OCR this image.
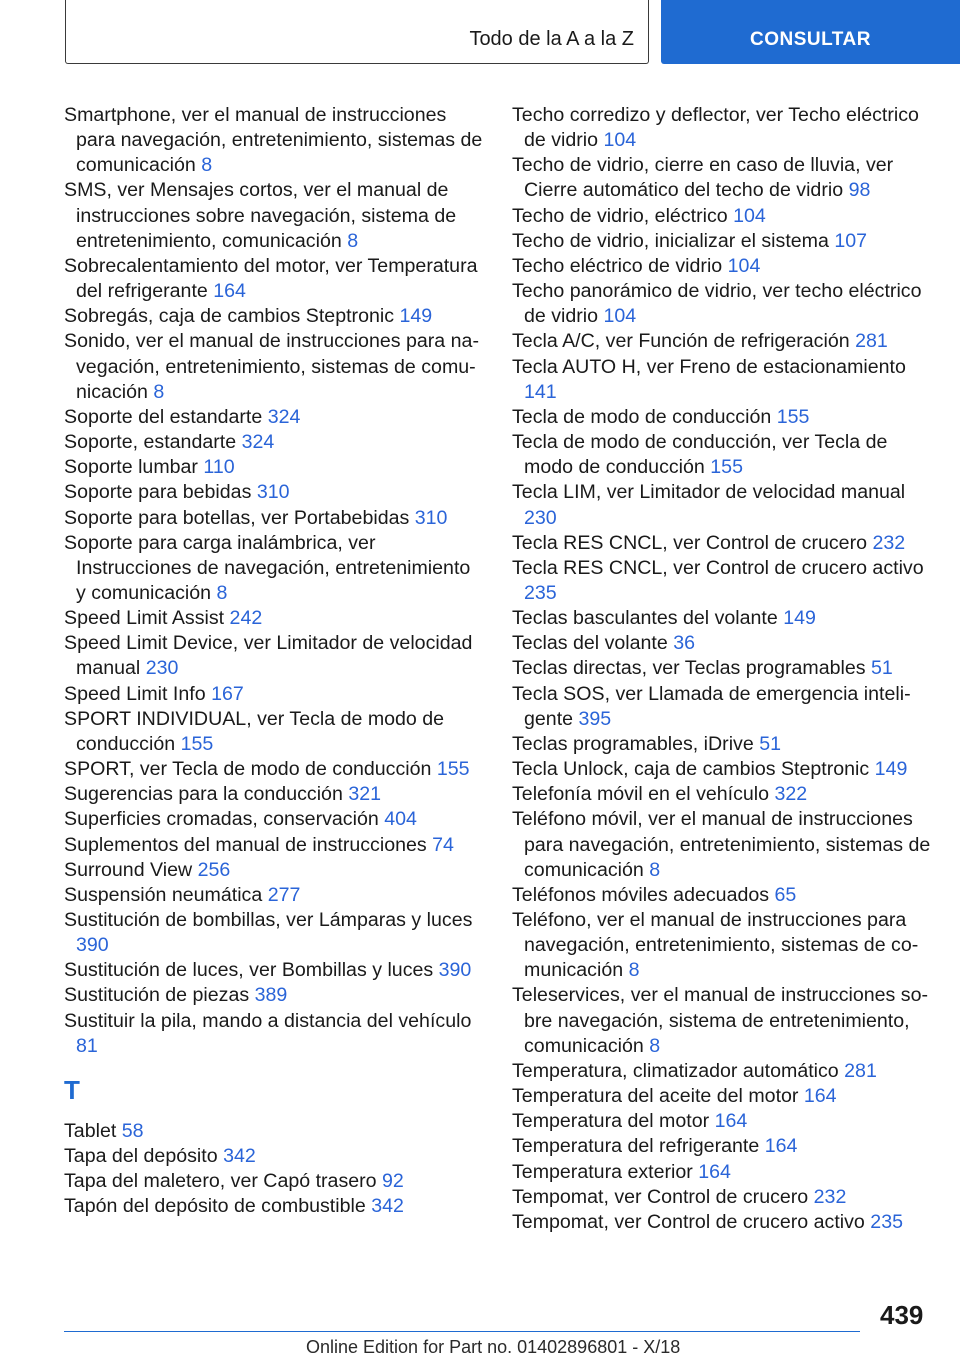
Todo de la A a la Z	CONSULTAR
Smartphone, ver el manual de instrucciones para navegación, entretenimiento, sistemas de comunicación 8
SMS, ver Mensajes cortos, ver el manual de instrucciones sobre navegación, sistema de entretenimiento, comunicación 8
Sobrecalentamiento del motor, ver Temperatura del refrigerante 164
Sobregás, caja de cambios Steptronic 149
Sonido, ver el manual de instrucciones para navegación, entretenimiento, sistemas de comunicación 8
Soporte del estandarte 324
Soporte, estandarte 324
Soporte lumbar 110
Soporte para bebidas 310
Soporte para botellas, ver Portabebidas 310
Soporte para carga inalámbrica, ver Instrucciones de navegación, entretenimiento y comunicación 8
Speed Limit Assist 242
Speed Limit Device, ver Limitador de velocidad manual 230
Speed Limit Info 167
SPORT INDIVIDUAL, ver Tecla de modo de conducción 155
SPORT, ver Tecla de modo de conducción 155
Sugerencias para la conducción 321
Superficies cromadas, conservación 404
Suplementos del manual de instrucciones 74
Surround View 256
Suspensión neumática 277
Sustitución de bombillas, ver Lámparas y luces 390
Sustitución de luces, ver Bombillas y luces 390
Sustitución de piezas 389
Sustituir la pila, mando a distancia del vehículo 81
T
Tablet 58
Tapa del depósito 342
Tapa del maletero, ver Capó trasero 92
Tapón del depósito de combustible 342
Techo corredizo y deflector, ver Techo eléctrico de vidrio 104
Techo de vidrio, cierre en caso de lluvia, ver Cierre automático del techo de vidrio 98
Techo de vidrio, eléctrico 104
Techo de vidrio, inicializar el sistema 107
Techo eléctrico de vidrio 104
Techo panorámico de vidrio, ver techo eléctrico de vidrio 104
Tecla A/C, ver Función de refrigeración 281
Tecla AUTO H, ver Freno de estacionamiento 141
Tecla de modo de conducción 155
Tecla de modo de conducción, ver Tecla de modo de conducción 155
Tecla LIM, ver Limitador de velocidad manual 230
Tecla RES CNCL, ver Control de crucero 232
Tecla RES CNCL, ver Control de crucero activo 235
Teclas basculantes del volante 149
Teclas del volante 36
Teclas directas, ver Teclas programables 51
Tecla SOS, ver Llamada de emergencia inteligente 395
Teclas programables, iDrive 51
Tecla Unlock, caja de cambios Steptronic 149
Telefonía móvil en el vehículo 322
Teléfono móvil, ver el manual de instrucciones para navegación, entretenimiento, sistemas de comunicación 8
Teléfonos móviles adecuados 65
Teléfono, ver el manual de instrucciones para navegación, entretenimiento, sistemas de comunicación 8
Teleservices, ver el manual de instrucciones sobre navegación, sistema de entretenimiento, comunicación 8
Temperatura, climatizador automático 281
Temperatura del aceite del motor 164
Temperatura del motor 164
Temperatura del refrigerante 164
Temperatura exterior 164
Tempomat, ver Control de crucero 232
Tempomat, ver Control de crucero activo 235
439
Online Edition for Part no. 01402896801 - X/18
